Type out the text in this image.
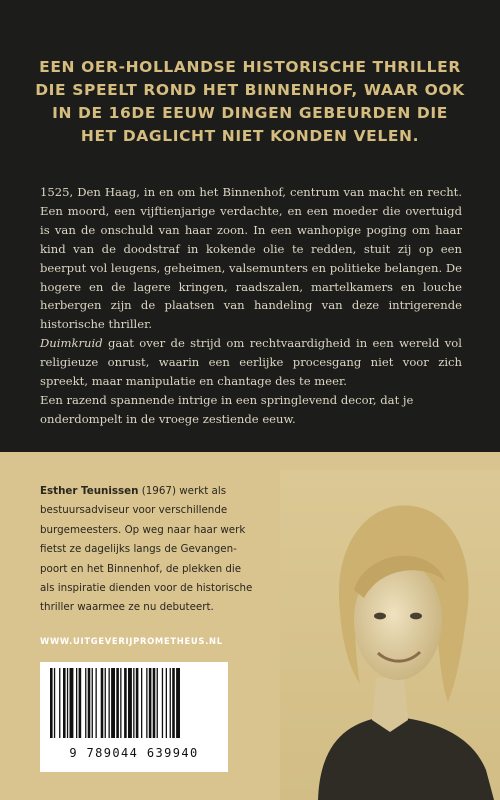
EEN OER-HOLLANDSE HISTORISCHE THRILLER
DIE SPEELT ROND HET BINNENHOF, WAAR OOK
IN DE 16DE EEUW DINGEN GEBEURDEN DIE
HET DAGLICHT NIET KONDEN VELEN.

1525, Den Haag, in en om het Binnenhof, centrum van macht en recht. Een moord, een vijftienjarige verdachte, en een moeder die overtuigd is van de onschuld van haar zoon. In een wanhopige poging om haar kind van de doodstraf in kokende olie te redden, stuit zij op een beerput vol leugens, geheimen, valsemunters en politieke belangen. De hogere en de lagere kringen, raadszalen, martelkamers en louche herbergen zijn de plaatsen van handeling van deze intrigerende historische thriller.

Duimkruid gaat over de strijd om rechtvaardigheid in een wereld vol religieuze onrust, waarin een eerlijke procesgang niet voor zich spreekt, maar manipulatie en chantage des te meer.

Een razend spannende intrige in een springlevend decor, dat je onderdompelt in de vroege zestiende eeuw.

Esther Teunissen (1967) werkt als
bestuursadviseur voor verschillende
burgemeesters. Op weg naar haar werk
fietst ze dagelijks langs de Gevangen-
poort en het Binnenhof, de plekken die
als inspiratie dienden voor de historische
thriller waarmee ze nu debuteert.
WWW.UITGEVERIJPROMETHEUS.NL
9 789044 639940
